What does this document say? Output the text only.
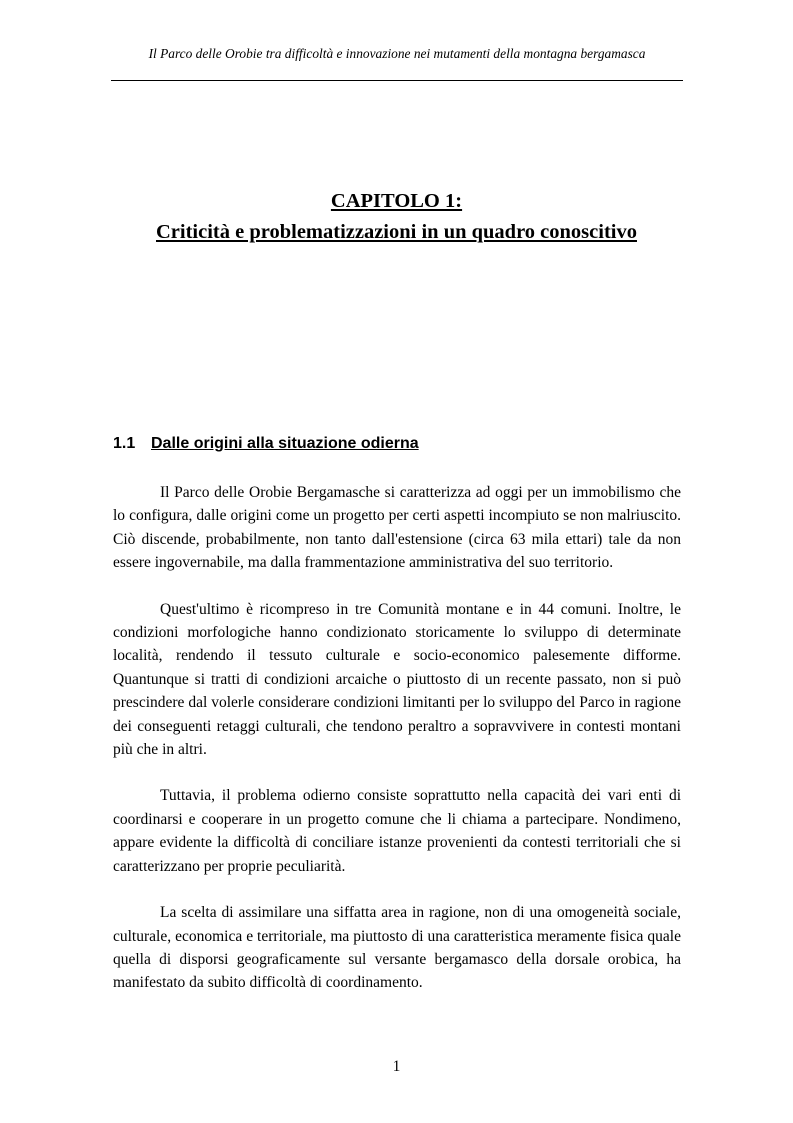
Il Parco delle Orobie tra difficoltà e innovazione nei mutamenti della montagna bergamasca
CAPITOLO 1:
Criticità e problematizzazioni in un quadro conoscitivo
1.1 Dalle origini alla situazione odierna

Il Parco delle Orobie Bergamasche si caratterizza ad oggi per un immobilismo che lo configura, dalle origini come un progetto per certi aspetti incompiuto se non malriuscito. Ciò discende, probabilmente, non tanto dall'estensione (circa 63 mila ettari) tale da non essere ingovernabile, ma dalla frammentazione amministrativa del suo territorio.

Quest'ultimo è ricompreso in tre Comunità montane e in 44 comuni. Inoltre, le condizioni morfologiche hanno condizionato storicamente lo sviluppo di determinate località, rendendo il tessuto culturale e socio-economico palesemente difforme. Quantunque si tratti di condizioni arcaiche o piuttosto di un recente passato, non si può prescindere dal volerle considerare condizioni limitanti per lo sviluppo del Parco in ragione dei conseguenti retaggi culturali, che tendono peraltro a sopravvivere in contesti montani più che in altri.

Tuttavia, il problema odierno consiste soprattutto nella capacità dei vari enti di coordinarsi e cooperare in un progetto comune che li chiama a partecipare. Nondimeno, appare evidente la difficoltà di conciliare istanze provenienti da contesti territoriali che si caratterizzano per proprie peculiarità.

La scelta di assimilare una siffatta area in ragione, non di una omogeneità sociale, culturale, economica e territoriale, ma piuttosto di una caratteristica meramente fisica quale quella di disporsi geograficamente sul versante bergamasco della dorsale orobica, ha manifestato da subito difficoltà di coordinamento.

1
